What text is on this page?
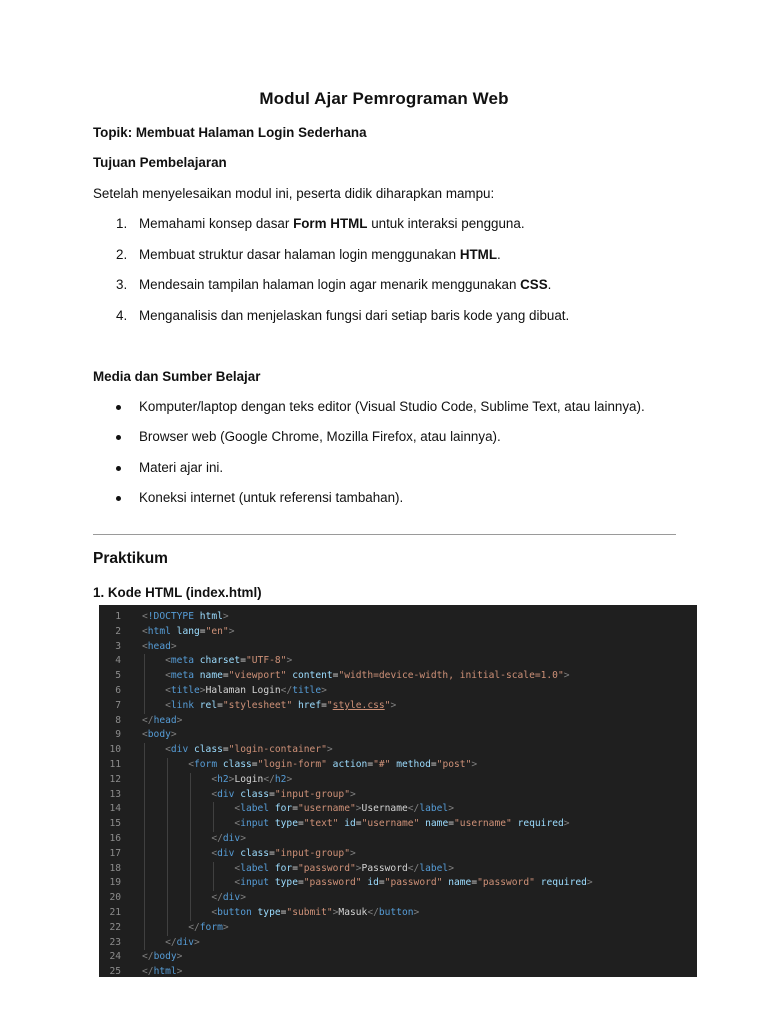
Modul Ajar Pemrograman Web
Topik: Membuat Halaman Login Sederhana
Tujuan Pembelajaran
Setelah menyelesaikan modul ini, peserta didik diharapkan mampu:
1. Memahami konsep dasar Form HTML untuk interaksi pengguna.
2. Membuat struktur dasar halaman login menggunakan HTML.
3. Mendesain tampilan halaman login agar menarik menggunakan CSS.
4. Menganalisis dan menjelaskan fungsi dari setiap baris kode yang dibuat.
Media dan Sumber Belajar
Komputer/laptop dengan teks editor (Visual Studio Code, Sublime Text, atau lainnya).
Browser web (Google Chrome, Mozilla Firefox, atau lainnya).
Materi ajar ini.
Koneksi internet (untuk referensi tambahan).
Praktikum
1. Kode HTML (index.html)
1 <!DOCTYPE html>
2 <html lang="en">
3 <head>
4	<meta charset="UTF-8">
5	<meta name="viewport" content="width=device-width, initial-scale=1.0">
6	<title>Halaman Login</title>
7	<link rel="stylesheet" href="style.css">
8 </head>
9 <body>
10	<div class="login-container">
11	<form class="login-form" action="#" method="post">
12	<h2>Login</h2>
13	<div class="input-group">
14	<label for="username">Username</label>
15	<input type="text" id="username" name="username" required>
16	</div>
17	<div class="input-group">
18	<label for="password">Password</label>
19	<input type="password" id="password" name="password" required>
20	</div>
21	<button type="submit">Masuk</button>
22	</form>
23	</div>
24 </body>
25 </html>
